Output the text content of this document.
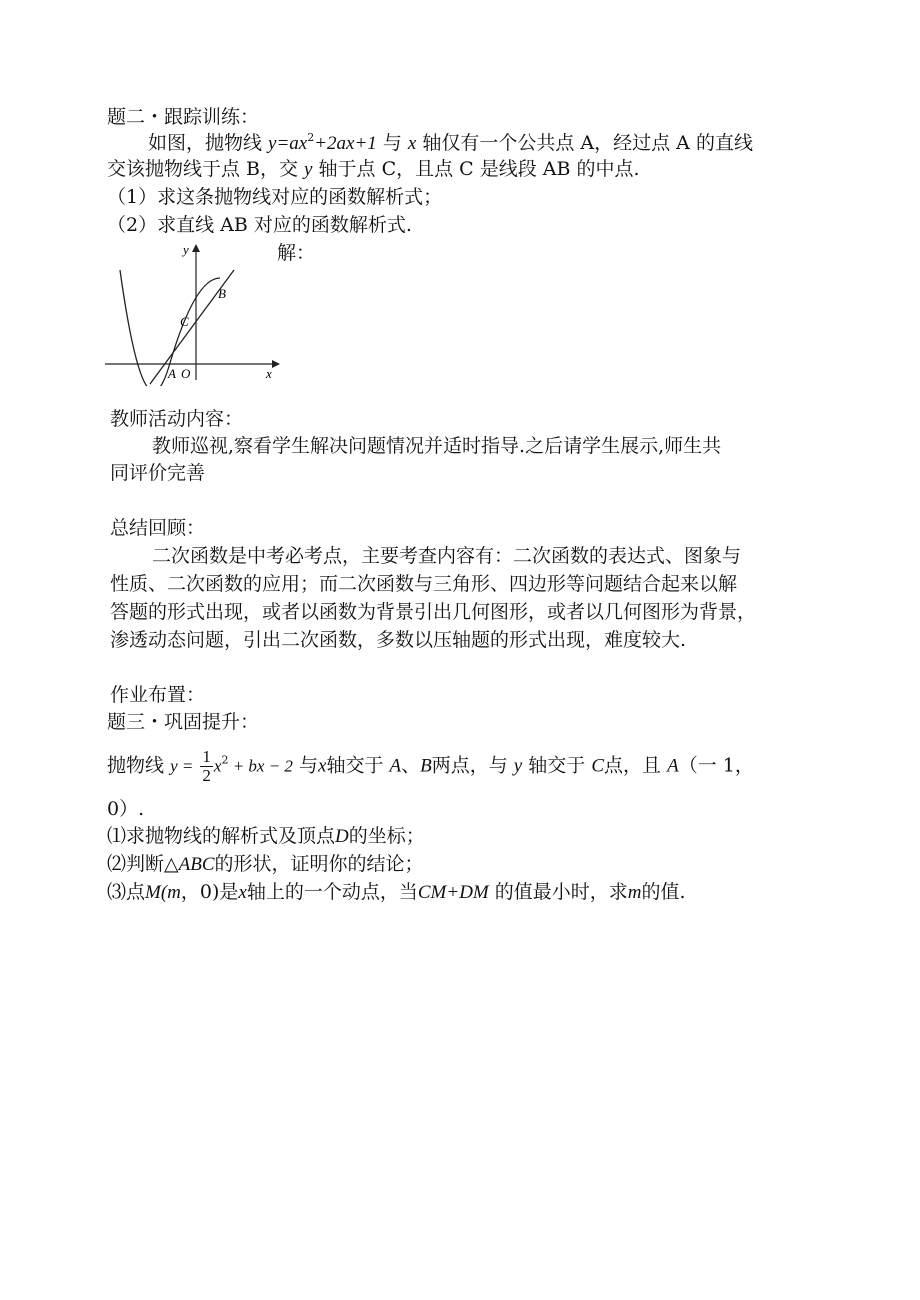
题二・跟踪训练：
如图，抛物线 $y=ax^2+2ax+1$ 与 x 轴仅有一个公共点 A，经过点 A 的直线
交该抛物线于点 B，交 y 轴于点 C，且点 C 是线段 AB 的中点.
（1）求这条抛物线对应的函数解析式；
（2）求直线 AB 对应的函数解析式.
解：
y
x
B
C
A O
教师活动内容：
教师巡视,察看学生解决问题情况并适时指导.之后请学生展示,师生共
同评价完善
总结回顾：
二次函数是中考必考点，主要考查内容有：二次函数的表达式、图象与
性质、二次函数的应用；而二次函数与三角形、四边形等问题结合起来以解
答题的形式出现，或者以函数为背景引出几何图形，或者以几何图形为背景，
渗透动态问题，引出二次函数，多数以压轴题的形式出现，难度较大.
作业布置：
题三・巩固提升：
抛物线 $y = \frac{1}{2} x^2$ + bx − 2 与x轴交于 A、B两点，与 y 轴交于 C点，且 A（一 1，
0）.
⑴求抛物线的解析式及顶点D的坐标；
⑵判断△ABC的形状，证明你的结论；
⑶点M(m，0)是x轴上的一个动点，当CM+DM 的值最小时，求m的值.
